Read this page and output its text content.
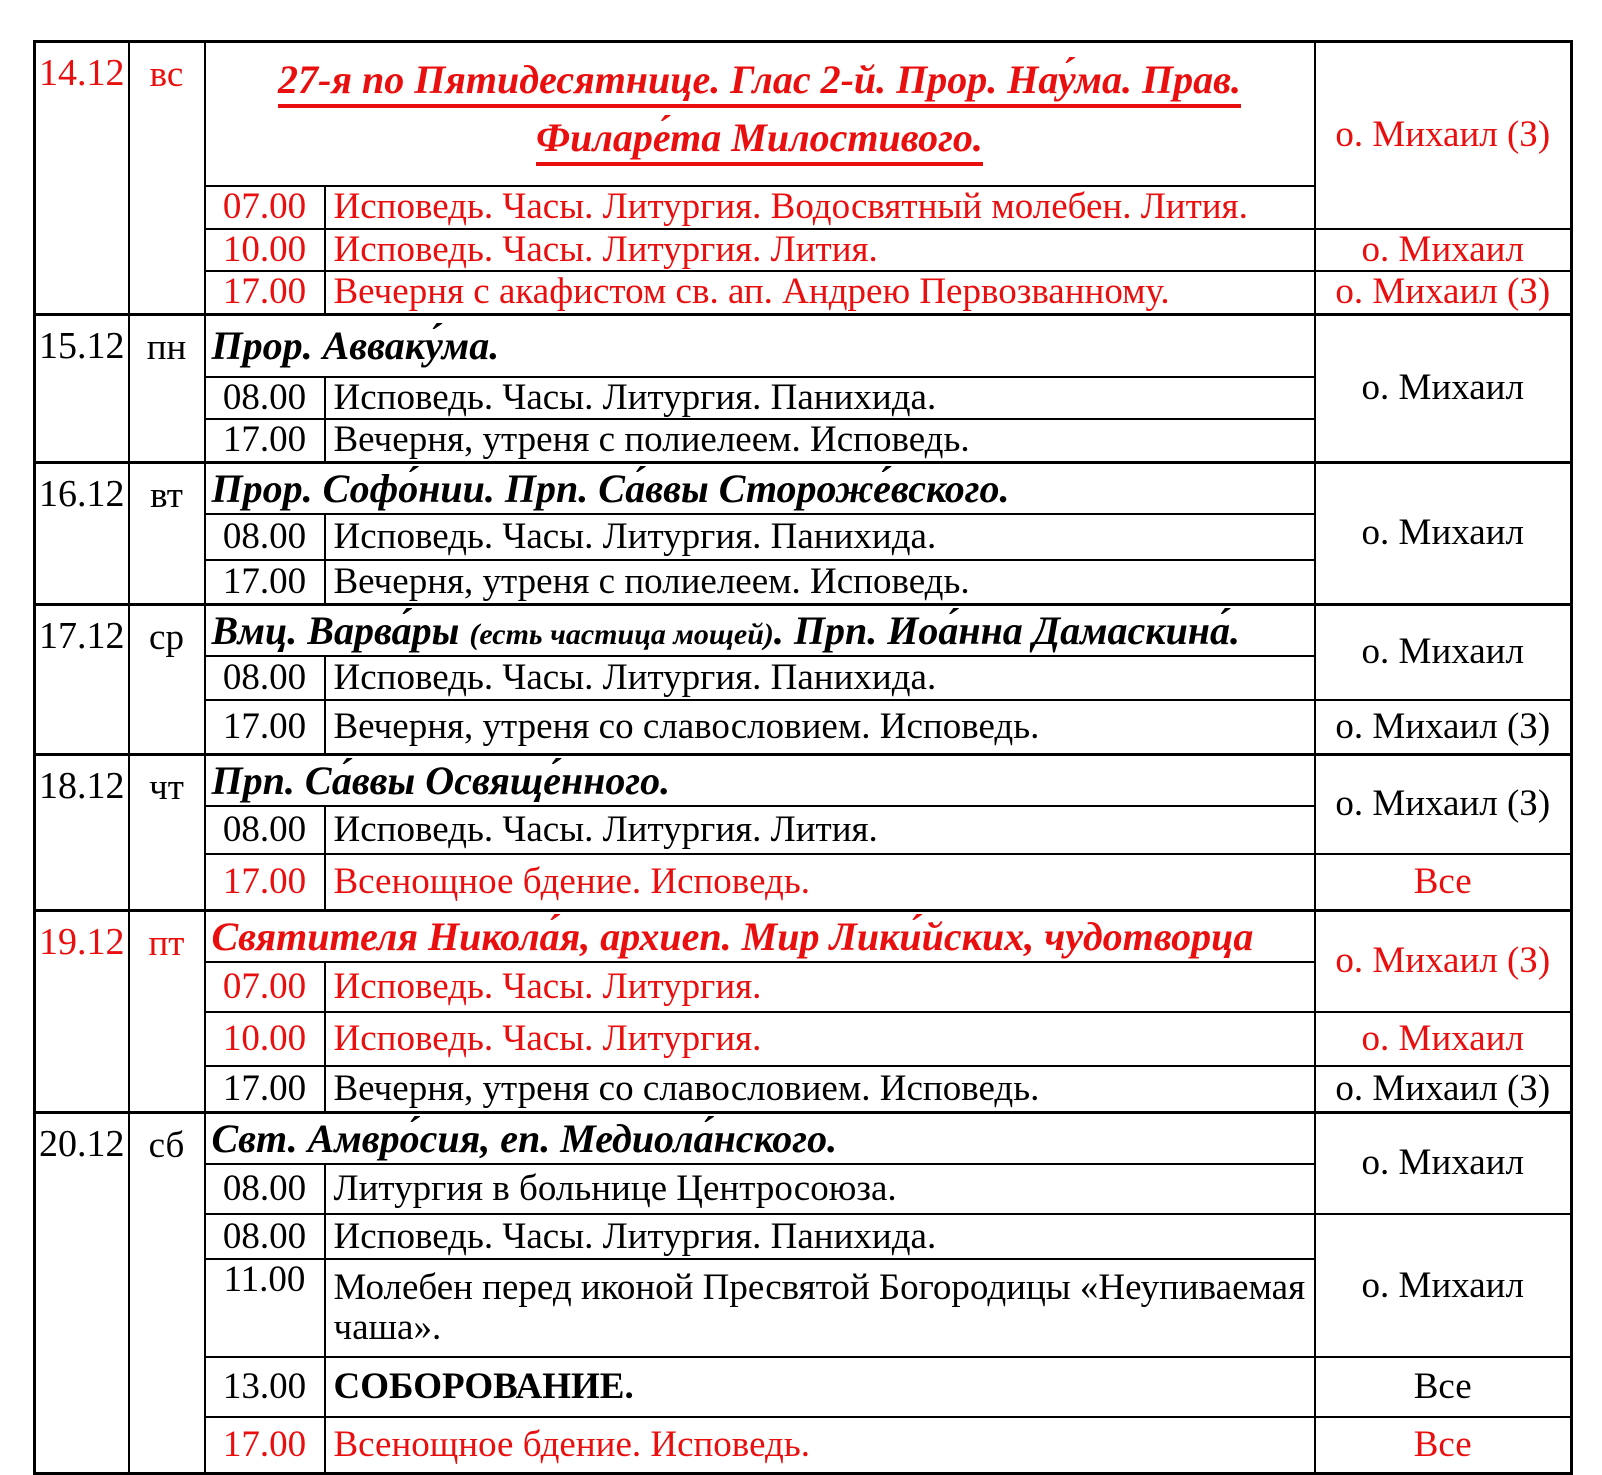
14.12	вс	27-я по Пятидесятнице. Глас 2-й. Прор. Нау́ма. Прав.
Филаре́та Милостивого.		о. Михаил (З)
		07.00	Исповедь. Часы. Литургия. Водосвятный молебен. Лития.	
		10.00	Исповедь. Часы. Литургия. Лития.	о. Михаил
		17.00	Вечерня с акафистом св. ап. Андрею Первозванному.	о. Михаил (З)
15.12	пн	Прор. Авваку́ма.		о. Михаил
		08.00	Исповедь. Часы. Литургия. Панихида.	
		17.00	Вечерня, утреня с полиелеем. Исповедь.	
16.12	вт	Прор. Софо́нии. Прп. Са́ввы Стороже́вского.		о. Михаил
		08.00	Исповедь. Часы. Литургия. Панихида.	
		17.00	Вечерня, утреня с полиелеем. Исповедь.	
17.12	ср	Вмц. Варва́ры (есть частица мощей). Прп. Иоа́нна Дамаскина́.		о. Михаил
		08.00	Исповедь. Часы. Литургия. Панихида.	
		17.00	Вечерня, утреня со славословием. Исповедь.	о. Михаил (З)
18.12	чт	Прп. Са́ввы Освяще́нного.		о. Михаил (З)
		08.00	Исповедь. Часы. Литургия. Лития.	
		17.00	Всенощное бдение. Исповедь.	Все
19.12	пт	Святителя Никола́я, архиеп. Мир Лики́йских, чудотворца		о. Михаил (З)
		07.00	Исповедь. Часы. Литургия.	
		10.00	Исповедь. Часы. Литургия.	о. Михаил
		17.00	Вечерня, утреня со славословием. Исповедь.	о. Михаил (З)
20.12	сб	Свт. Амвро́сия, еп. Медиола́нского.		о. Михаил
		08.00	Литургия в больнице Центросоюза.	
		08.00	Исповедь. Часы. Литургия. Панихида.	о. Михаил
		11.00	Молебен перед иконой Пресвятой Богородицы «Неупиваемая чаша».	
		13.00	СОБОРОВАНИЕ.	Все
		17.00	Всенощное бдение. Исповедь.	Все
